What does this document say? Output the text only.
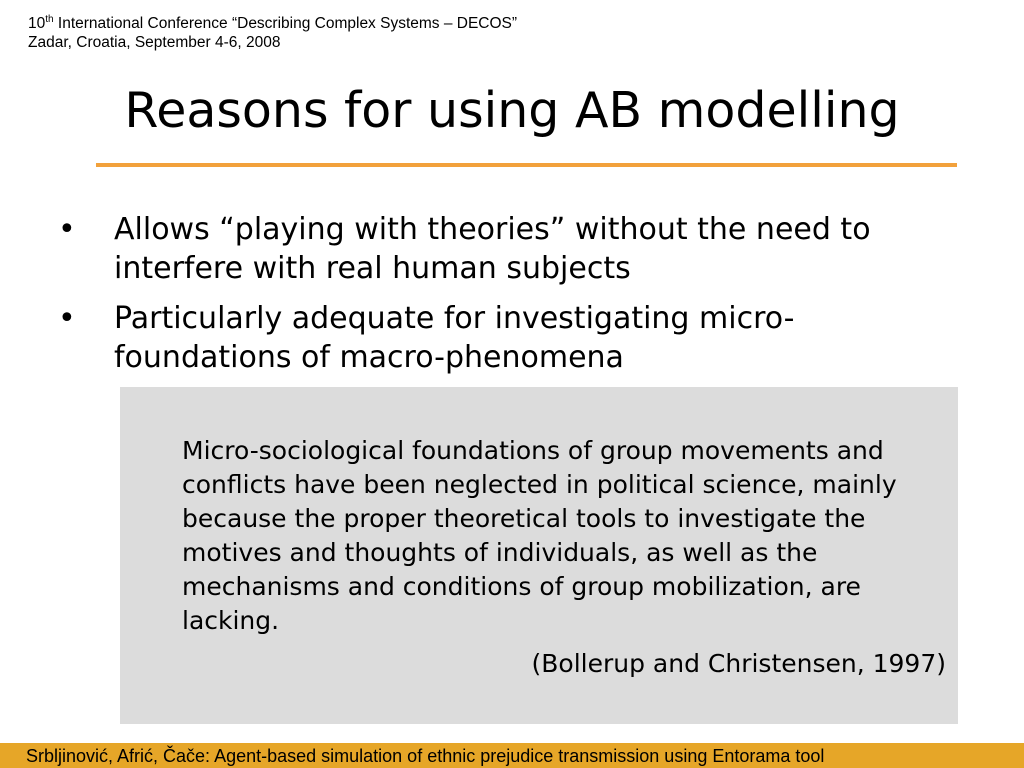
10th International Conference “Describing Complex Systems – DECOS”
Zadar, Croatia, September 4-6, 2008
Reasons for using AB modelling
• Allows “playing with theories” without the need to interfere with real human subjects
• Particularly adequate for investigating micro-foundations of macro-phenomena

Micro-sociological foundations of group movements and conflicts have been neglected in political science, mainly because the proper theoretical tools to investigate the motives and thoughts of individuals, as well as the mechanisms and conditions of group mobilization, are lacking.

(Bollerup and Christensen, 1997)
Srbljinović, Afrić, Čače: Agent-based simulation of ethnic prejudice transmission using Entorama tool
